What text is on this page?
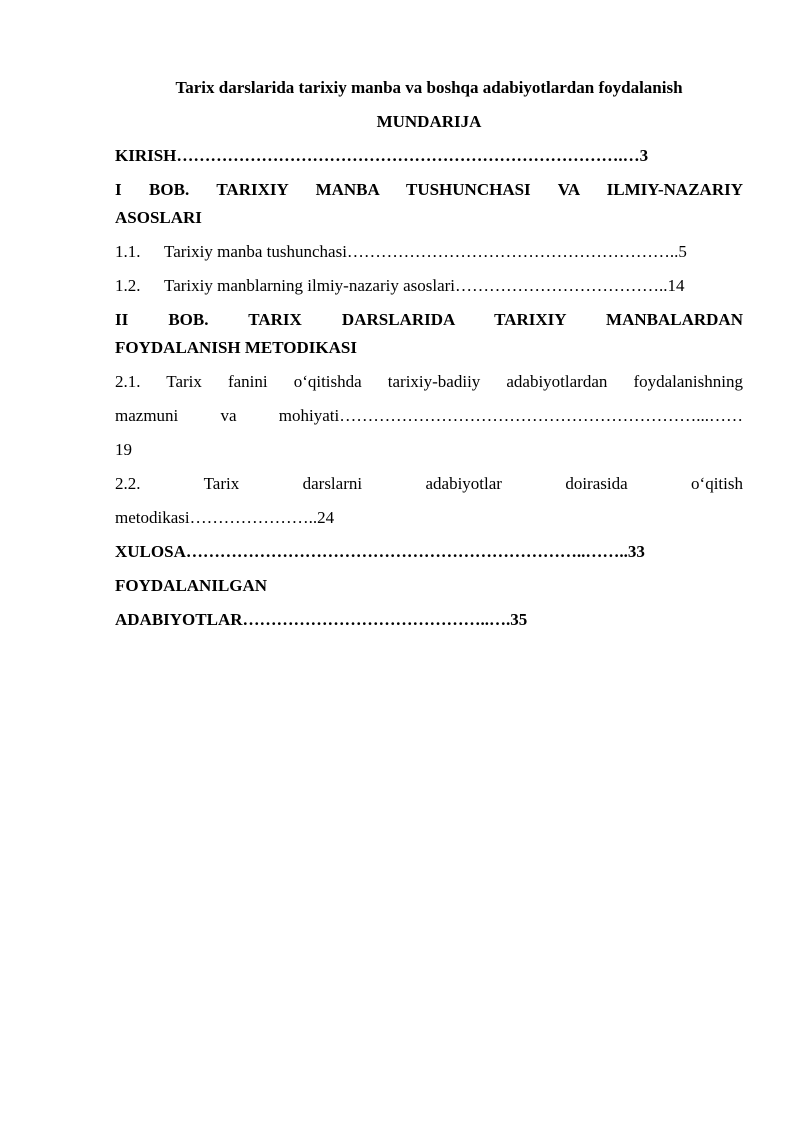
Tarix darslarida tarixiy manba va boshqa adabiyotlardan foydalanish

MUNDARIJA

KIRISH…………………………………………………………………….…3

I BOB. TARIXIY MANBA TUSHUNCHASI VA ILMIY-NAZARIY

ASOSLARI

1.1. Tarixiy manba tushunchasi…………………………………………………..5

1.2. Tarixiy manblarning ilmiy-nazariy asoslari………………………………..14

II BOB. TARIX DARSLARIDA TARIXIY MANBALARDAN

FOYDALANISH METODIKASI

2.1. Tarix fanini o‘qitishda tarixiy-badiiy adabiyotlardan foydalanishning

mazmuni va mohiyati………………………………………………………...……

19

2.2. Tarix darslarni adabiyotlar doirasida o‘qitish

metodikasi…………………..24

XULOSA……………………………………………………………..……..33

FOYDALANILGAN

ADABIYOTLAR……………………………………..….35
